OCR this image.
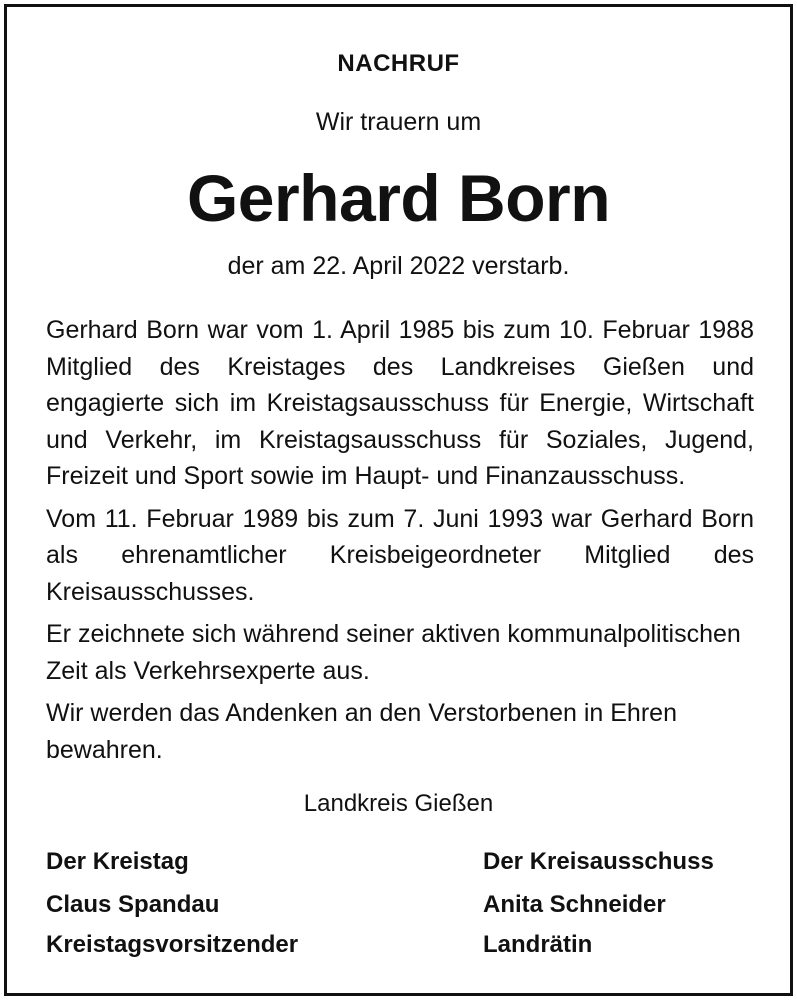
NACHRUF
Wir trauern um
Gerhard Born
der am 22. April 2022 verstarb.

Gerhard Born war vom 1. April 1985 bis zum 10. Februar 1988 Mitglied des Kreistages des Landkreises Gießen und engagierte sich im Kreistagsausschuss für Energie, Wirtschaft und Verkehr, im Kreistagsausschuss für Soziales, Jugend, Freizeit und Sport sowie im Haupt- und Finanzausschuss.

Vom 11. Februar 1989 bis zum 7. Juni 1993 war Gerhard Born als ehrenamtlicher Kreisbeigeordneter Mitglied des Kreisausschusses.

Er zeichnete sich während seiner aktiven kommunalpolitischen Zeit als Verkehrsexperte aus.

Wir werden das Andenken an den Verstorbenen in Ehren bewahren.

Landkreis Gießen
Der Kreistag
Claus Spandau
Kreistagsvorsitzender
Der Kreisausschuss
Anita Schneider
Landrätin
